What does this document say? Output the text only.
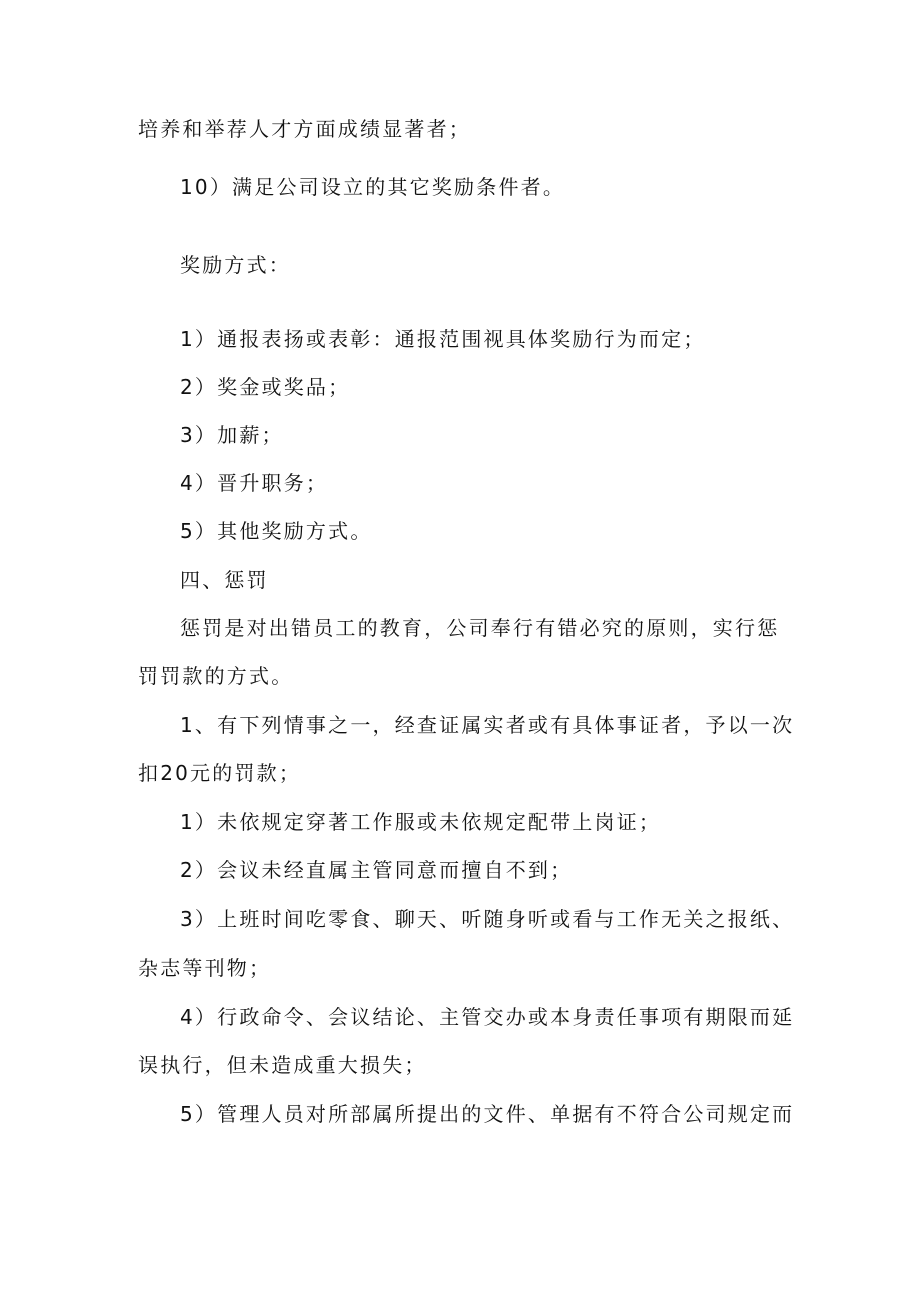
培养和举荐人才方面成绩显著者；
10）满足公司设立的其它奖励条件者。
奖励方式：
1）通报表扬或表彰：通报范围视具体奖励行为而定；
2）奖金或奖品；
3）加薪；
4）晋升职务；
5）其他奖励方式。
四、惩罚
惩罚是对出错员工的教育，公司奉行有错必究的原则，实行惩
罚罚款的方式。
1、有下列情事之一，经查证属实者或有具体事证者，予以一次
扣20元的罚款；
1）未依规定穿著工作服或未依规定配带上岗证；
2）会议未经直属主管同意而擅自不到；
3）上班时间吃零食、聊天、听随身听或看与工作无关之报纸、
杂志等刊物；
4）行政命令、会议结论、主管交办或本身责任事项有期限而延
误执行，但未造成重大损失；
5）管理人员对所部属所提出的文件、单据有不符合公司规定而
